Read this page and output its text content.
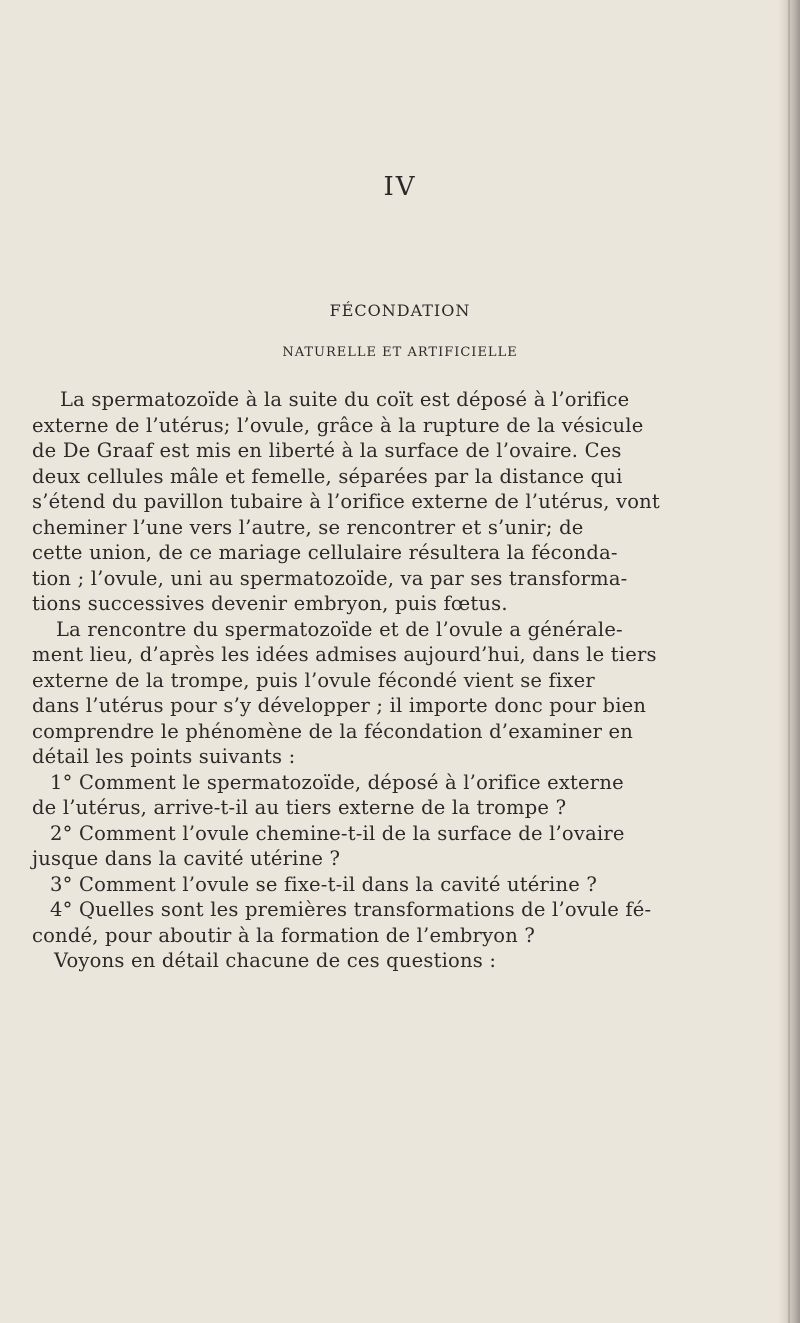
IV
FÉCONDATION
NATURELLE ET ARTIFICIELLE
La spermatozoïde à la suite du coït est déposé à l’orifice
externe de l’utérus; l’ovule, grâce à la rupture de la vésicule
de De Graaf est mis en liberté à la surface de l’ovaire. Ces
deux cellules mâle et femelle, séparées par la distance qui
s’étend du pavillon tubaire à l’orifice externe de l’utérus, vont
cheminer l’une vers l’autre, se rencontrer et s’unir; de
cette union, de ce mariage cellulaire résultera la féconda-
tion ; l’ovule, uni au spermatozoïde, va par ses transforma-
tions successives devenir embryon, puis fœtus.
La rencontre du spermatozoïde et de l’ovule a générale-
ment lieu, d’après les idées admises aujourd’hui, dans le tiers
externe de la trompe, puis l’ovule fécondé vient se fixer
dans l’utérus pour s’y développer ; il importe donc pour bien
comprendre le phénomène de la fécondation d’examiner en
détail les points suivants :
1° Comment le spermatozoïde, déposé à l’orifice externe
de l’utérus, arrive-t-il au tiers externe de la trompe ?
2° Comment l’ovule chemine-t-il de la surface de l’ovaire
jusque dans la cavité utérine ?
3° Comment l’ovule se fixe-t-il dans la cavité utérine ?
4° Quelles sont les premières transformations de l’ovule fé-
condé, pour aboutir à la formation de l’embryon ?
Voyons en détail chacune de ces questions :
